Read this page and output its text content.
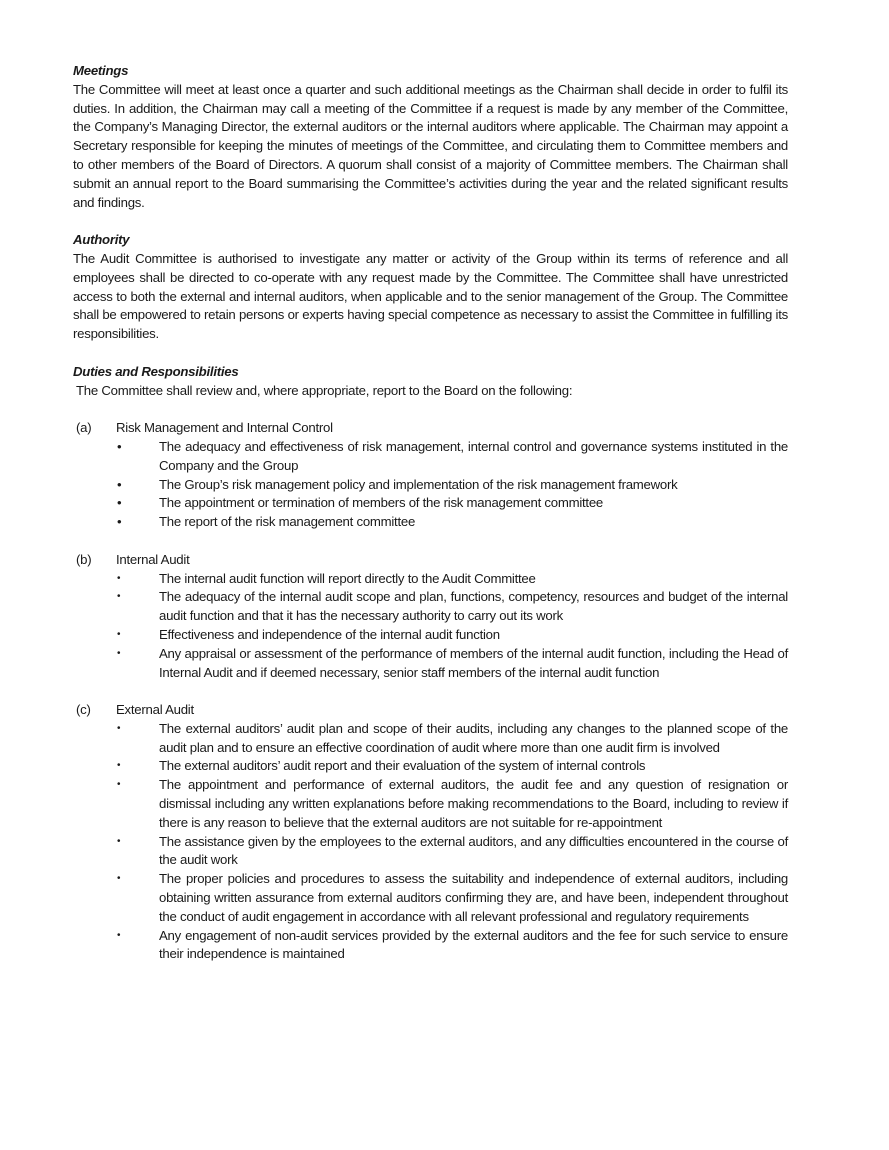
Meetings

The Committee will meet at least once a quarter and such additional meetings as the Chairman shall decide in order to fulfil its duties. In addition, the Chairman may call a meeting of the Committee if a request is made by any member of the Committee, the Company’s Managing Director, the external auditors or the internal auditors where applicable. The Chairman may appoint a Secretary responsible for keeping the minutes of meetings of the Committee, and circulating them to Committee members and to other members of the Board of Directors. A quorum shall consist of a majority of Committee members. The Chairman shall submit an annual report to the Board summarising the Committee’s activities during the year and the related significant results and findings.

Authority

The Audit Committee is authorised to investigate any matter or activity of the Group within its terms of reference and all employees shall be directed to co-operate with any request made by the Committee. The Committee shall have unrestricted access to both the external and internal auditors, when applicable and to the senior management of the Group. The Committee shall be empowered to retain persons or experts having special competence as necessary to assist the Committee in fulfilling its responsibilities.

Duties and Responsibilities

The Committee shall review and, where appropriate, report to the Board on the following:

(a)	Risk Management and Internal Control
•	The adequacy and effectiveness of risk management, internal control and governance systems instituted in the Company and the Group
•	The Group’s risk management policy and implementation of the risk management framework
•	The appointment or termination of members of the risk management committee
•	The report of the risk management committee
(b)	Internal Audit
•	The internal audit function will report directly to the Audit Committee
•	The adequacy of the internal audit scope and plan, functions, competency, resources and budget of the internal audit function and that it has the necessary authority to carry out its work
•	Effectiveness and independence of the internal audit function
•	Any appraisal or assessment of the performance of members of the internal audit function, including the Head of Internal Audit and if deemed necessary, senior staff members of the internal audit function
(c)	External Audit
•	The external auditors’ audit plan and scope of their audits, including any changes to the planned scope of the audit plan and to ensure an effective coordination of audit where more than one audit firm is involved
•	The external auditors’ audit report and their evaluation of the system of internal controls
•	The appointment and performance of external auditors, the audit fee and any question of resignation or dismissal including any written explanations before making recommendations to the Board, including to review if there is any reason to believe that the external auditors are not suitable for re-appointment
•	The assistance given by the employees to the external auditors, and any difficulties encountered in the course of the audit work
•	The proper policies and procedures to assess the suitability and independence of external auditors, including obtaining written assurance from external auditors confirming they are, and have been, independent throughout the conduct of audit engagement in accordance with all relevant professional and regulatory requirements
•	Any engagement of non-audit services provided by the external auditors and the fee for such service to ensure their independence is maintained
